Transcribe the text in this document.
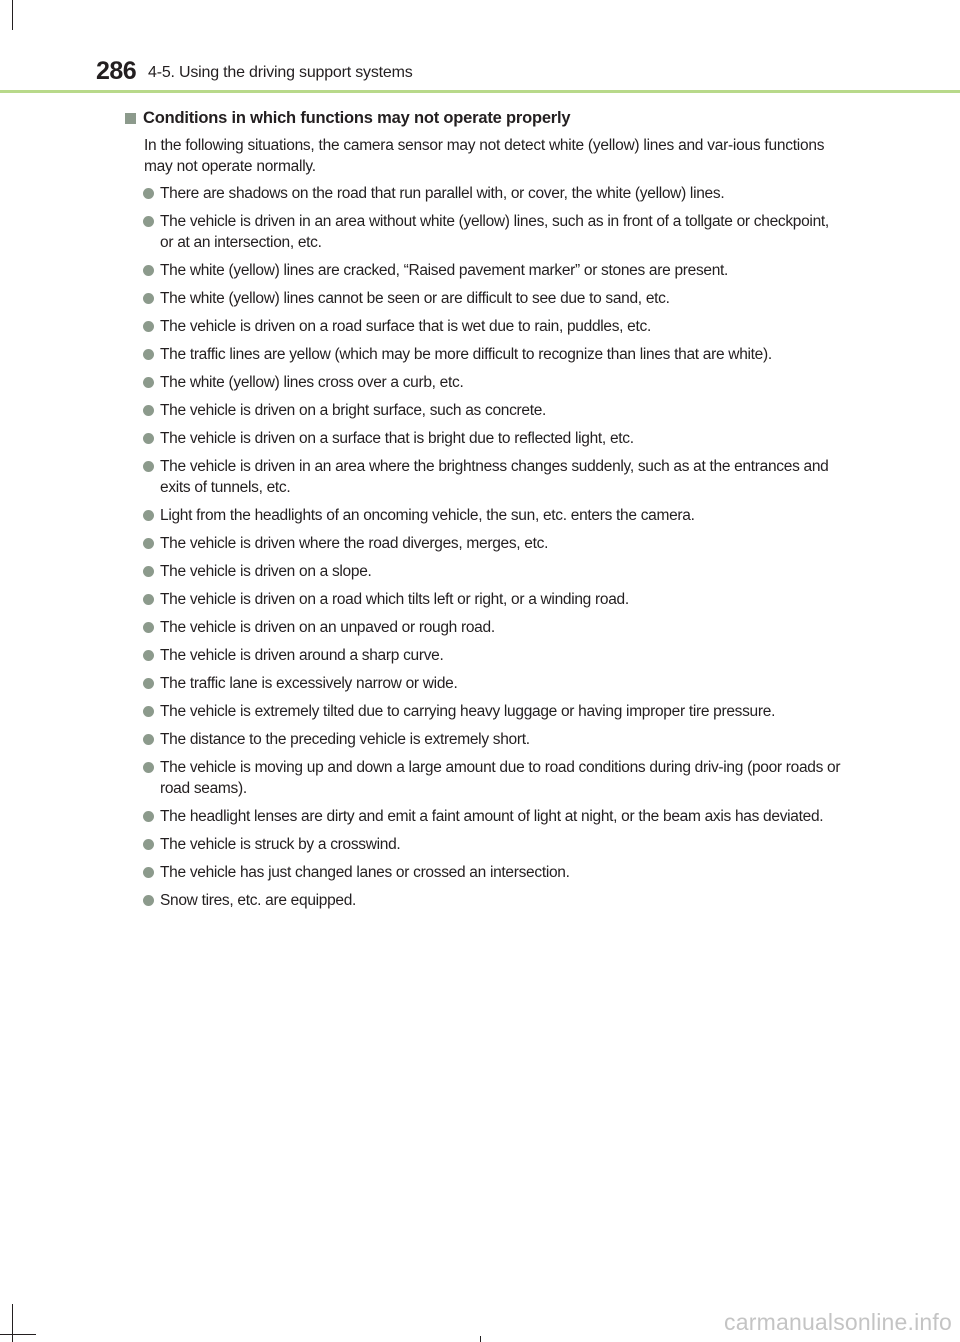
286 4-5. Using the driving support systems
Conditions in which functions may not operate properly

In the following situations, the camera sensor may not detect white (yellow) lines and var-ious functions may not operate normally.

There are shadows on the road that run parallel with, or cover, the white (yellow) lines.
The vehicle is driven in an area without white (yellow) lines, such as in front of a tollgate or checkpoint, or at an intersection, etc.
The white (yellow) lines are cracked, “Raised pavement marker” or stones are present.
The white (yellow) lines cannot be seen or are difficult to see due to sand, etc.
The vehicle is driven on a road surface that is wet due to rain, puddles, etc.
The traffic lines are yellow (which may be more difficult to recognize than lines that are white).
The white (yellow) lines cross over a curb, etc.
The vehicle is driven on a bright surface, such as concrete.
The vehicle is driven on a surface that is bright due to reflected light, etc.
The vehicle is driven in an area where the brightness changes suddenly, such as at the entrances and exits of tunnels, etc.
Light from the headlights of an oncoming vehicle, the sun, etc. enters the camera.
The vehicle is driven where the road diverges, merges, etc.
The vehicle is driven on a slope.
The vehicle is driven on a road which tilts left or right, or a winding road.
The vehicle is driven on an unpaved or rough road.
The vehicle is driven around a sharp curve.
The traffic lane is excessively narrow or wide.
The vehicle is extremely tilted due to carrying heavy luggage or having improper tire pressure.
The distance to the preceding vehicle is extremely short.
The vehicle is moving up and down a large amount due to road conditions during driv-ing (poor roads or road seams).
The headlight lenses are dirty and emit a faint amount of light at night, or the beam axis has deviated.
The vehicle is struck by a crosswind.
The vehicle has just changed lanes or crossed an intersection.
Snow tires, etc. are equipped.
carmanualsonline.info
